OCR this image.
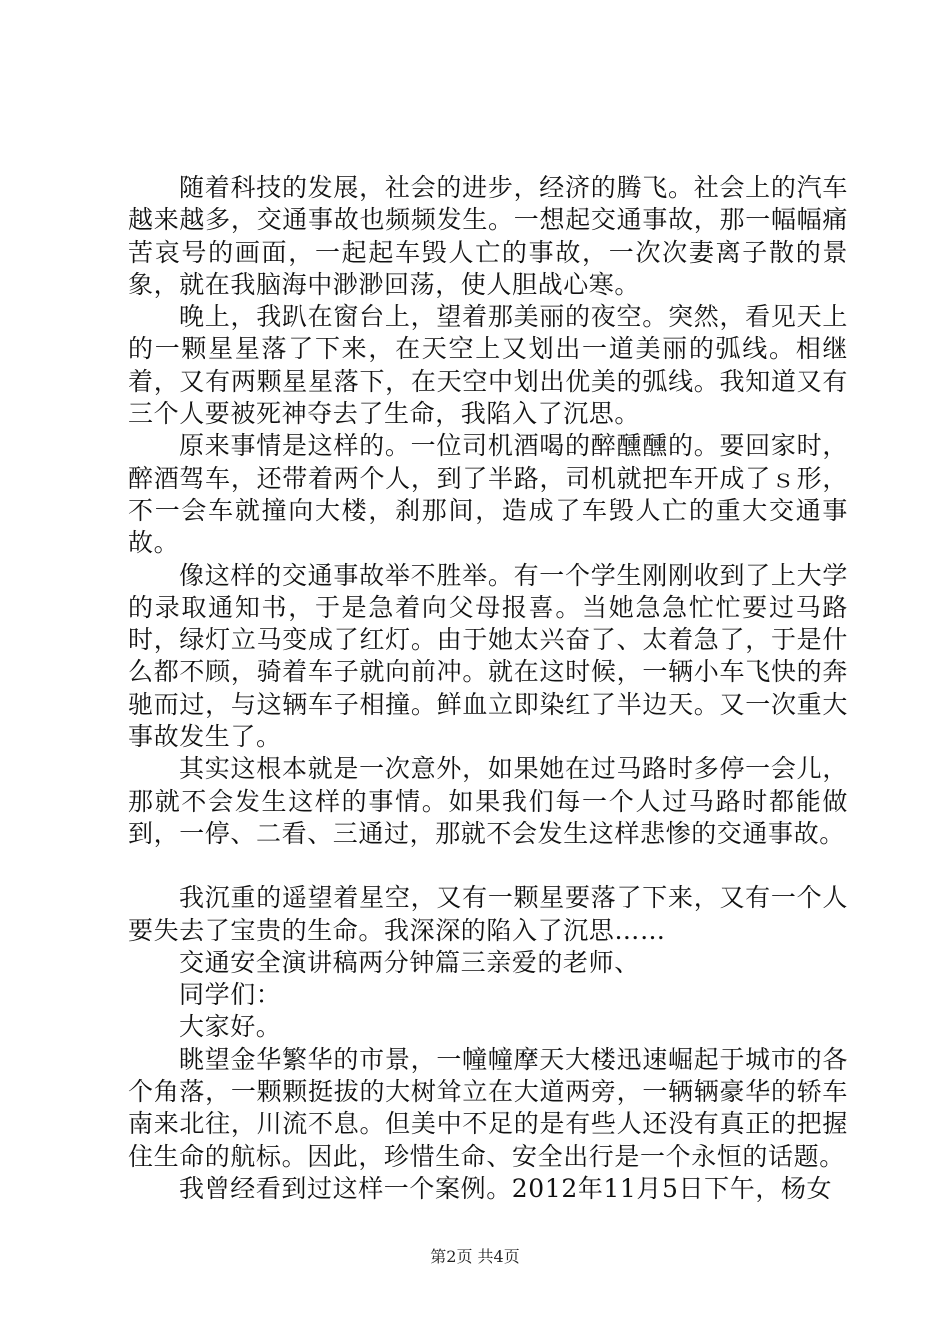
随着科技的发展，社会的进步，经济的腾飞。社会上的汽车越来越多，交通事故也频频发生。一想起交通事故，那一幅幅痛苦哀号的画面，一起起车毁人亡的事故，一次次妻离子散的景象，就在我脑海中渺渺回荡，使人胆战心寒。

晚上，我趴在窗台上，望着那美丽的夜空。突然，看见天上的一颗星星落了下来，在天空上又划出一道美丽的弧线。相继着，又有两颗星星落下，在天空中划出优美的弧线。我知道又有三个人要被死神夺去了生命，我陷入了沉思。

原来事情是这样的。一位司机酒喝的醉醺醺的。要回家时，醉酒驾车，还带着两个人，到了半路，司机就把车开成了ｓ形，不一会车就撞向大楼，刹那间，造成了车毁人亡的重大交通事故。

像这样的交通事故举不胜举。有一个学生刚刚收到了上大学的录取通知书，于是急着向父母报喜。当她急急忙忙要过马路时，绿灯立马变成了红灯。由于她太兴奋了、太着急了，于是什么都不顾，骑着车子就向前冲。就在这时候，一辆小车飞快的奔驰而过，与这辆车子相撞。鲜血立即染红了半边天。又一次重大事故发生了。

其实这根本就是一次意外，如果她在过马路时多停一会儿，那就不会发生这样的事情。如果我们每一个人过马路时都能做到，一停、二看、三通过，那就不会发生这样悲惨的交通事故。

我沉重的遥望着星空，又有一颗星要落了下来，又有一个人要失去了宝贵的生命。我深深的陷入了沉思……

交通安全演讲稿两分钟篇三亲爱的老师、

同学们：

大家好。

眺望金华繁华的市景，一幢幢摩天大楼迅速崛起于城市的各个角落，一颗颗挺拔的大树耸立在大道两旁，一辆辆豪华的轿车南来北往，川流不息。但美中不足的是有些人还没有真正的把握住生命的航标。因此，珍惜生命、安全出行是一个永恒的话题。

我曾经看到过这样一个案例。2012年11月5日下午，杨女

第2页 共4页
